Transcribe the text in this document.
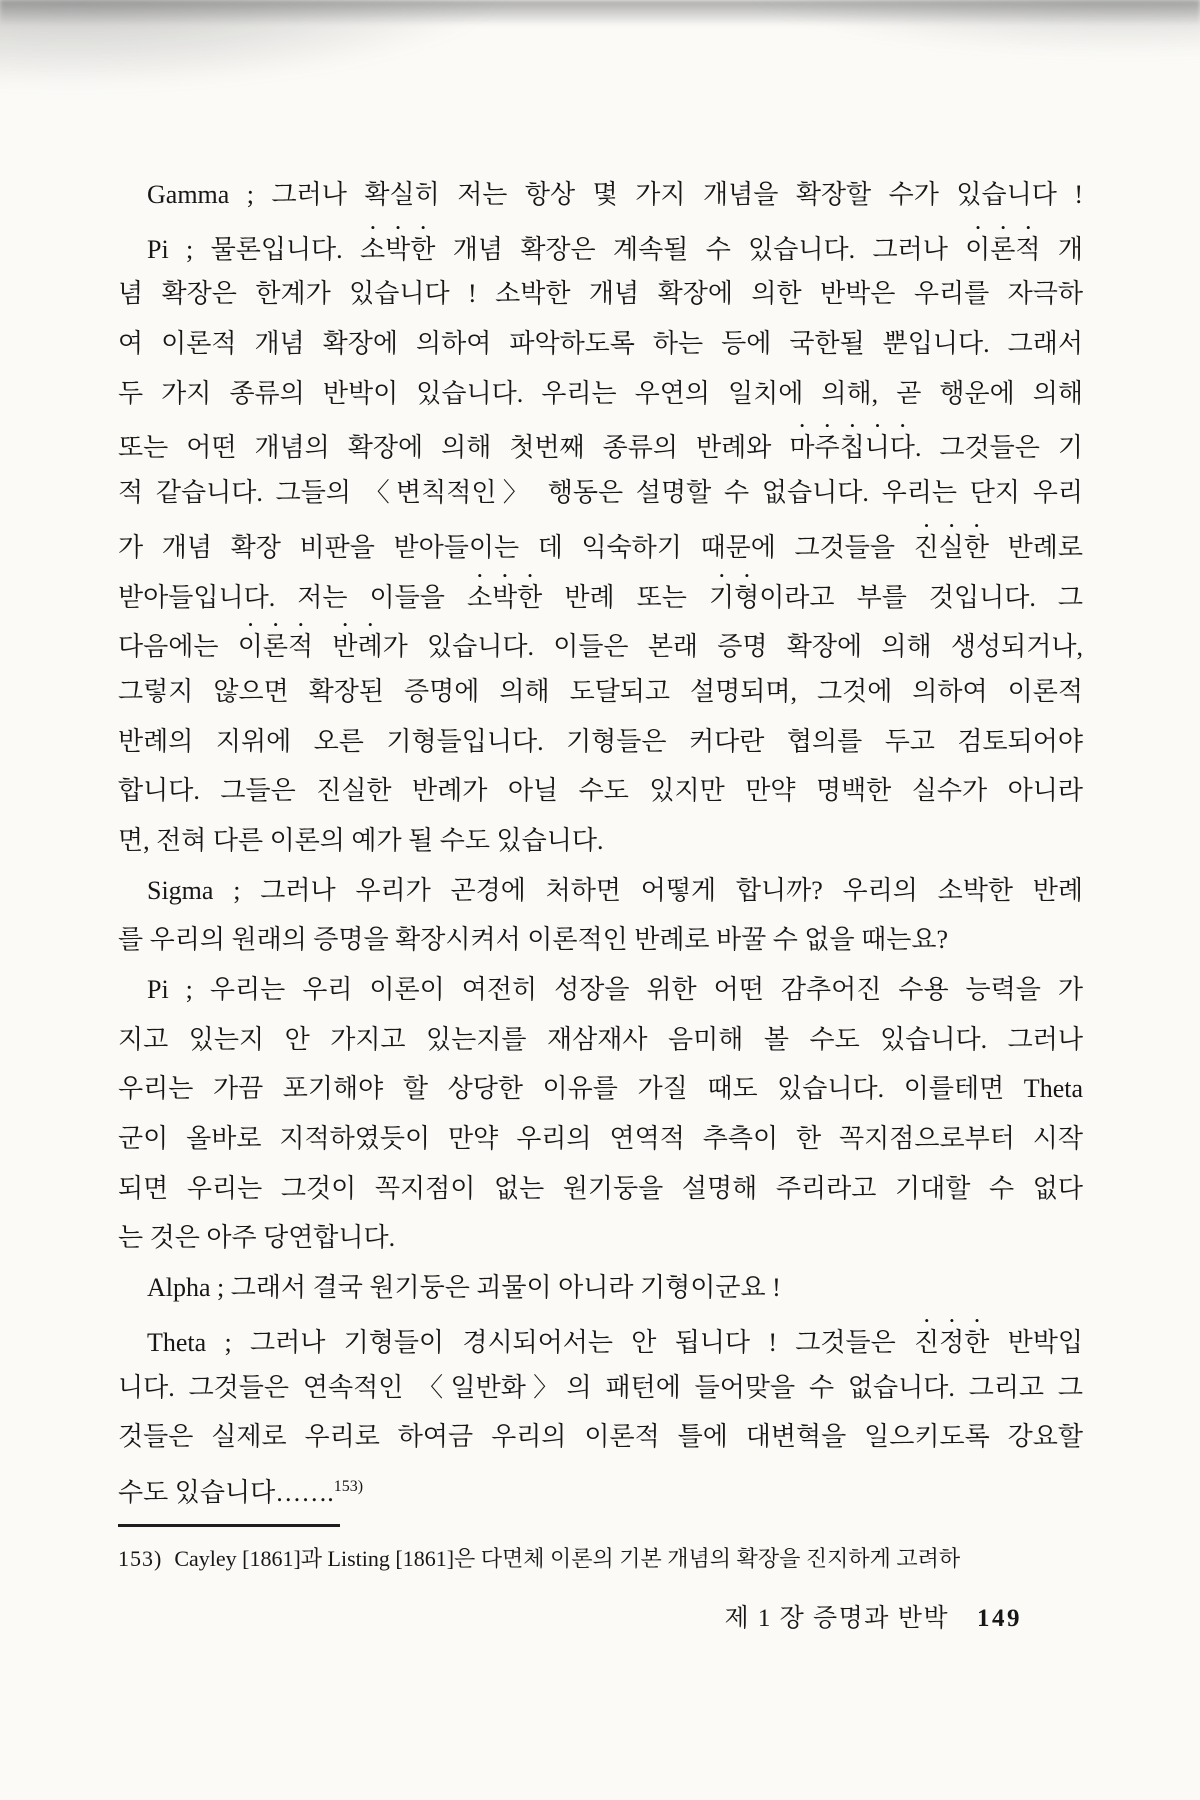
Gamma ; 그러나 확실히 저는 항상 몇 가지 개념을 확장할 수가 있습니다 !
Pi ; 물론입니다. 소박한 개념 확장은 계속될 수 있습니다. 그러나 이론적 개
념 확장은 한계가 있습니다 ! 소박한 개념 확장에 의한 반박은 우리를 자극하
여 이론적 개념 확장에 의하여 파악하도록 하는 등에 국한될 뿐입니다. 그래서
두 가지 종류의 반박이 있습니다. 우리는 우연의 일치에 의해, 곧 행운에 의해
또는 어떤 개념의 확장에 의해 첫번째 종류의 반례와 마주칩니다. 그것들은 기
적 같습니다. 그들의 〈변칙적인〉 행동은 설명할 수 없습니다. 우리는 단지 우리
가 개념 확장 비판을 받아들이는 데 익숙하기 때문에 그것들을 진실한 반례로
받아들입니다. 저는 이들을 소박한 반례 또는 기형이라고 부를 것입니다. 그
다음에는 이론적 반례가 있습니다. 이들은 본래 증명 확장에 의해 생성되거나,
그렇지 않으면 확장된 증명에 의해 도달되고 설명되며, 그것에 의하여 이론적
반례의 지위에 오른 기형들입니다. 기형들은 커다란 협의를 두고 검토되어야
합니다. 그들은 진실한 반례가 아닐 수도 있지만 만약 명백한 실수가 아니라
면, 전혀 다른 이론의 예가 될 수도 있습니다.
Sigma ; 그러나 우리가 곤경에 처하면 어떻게 합니까? 우리의 소박한 반례
를 우리의 원래의 증명을 확장시켜서 이론적인 반례로 바꿀 수 없을 때는요?
Pi ; 우리는 우리 이론이 여전히 성장을 위한 어떤 감추어진 수용 능력을 가
지고 있는지 안 가지고 있는지를 재삼재사 음미해 볼 수도 있습니다. 그러나
우리는 가끔 포기해야 할 상당한 이유를 가질 때도 있습니다. 이를테면 Theta
군이 올바로 지적하였듯이 만약 우리의 연역적 추측이 한 꼭지점으로부터 시작
되면 우리는 그것이 꼭지점이 없는 원기둥을 설명해 주리라고 기대할 수 없다
는 것은 아주 당연합니다.
Alpha ; 그래서 결국 원기둥은 괴물이 아니라 기형이군요 !
Theta ; 그러나 기형들이 경시되어서는 안 됩니다 ! 그것들은 진정한 반박입
니다. 그것들은 연속적인 〈일반화〉의 패턴에 들어맞을 수 없습니다. 그리고 그
것들은 실제로 우리로 하여금 우리의 이론적 틀에 대변혁을 일으키도록 강요할
수도 있습니다…….$^{153)}$
153) Cayley [1861]과 Listing [1861]은 다면체 이론의 기본 개념의 확장을 진지하게 고려하
제 1 장 증명과 반박 149
